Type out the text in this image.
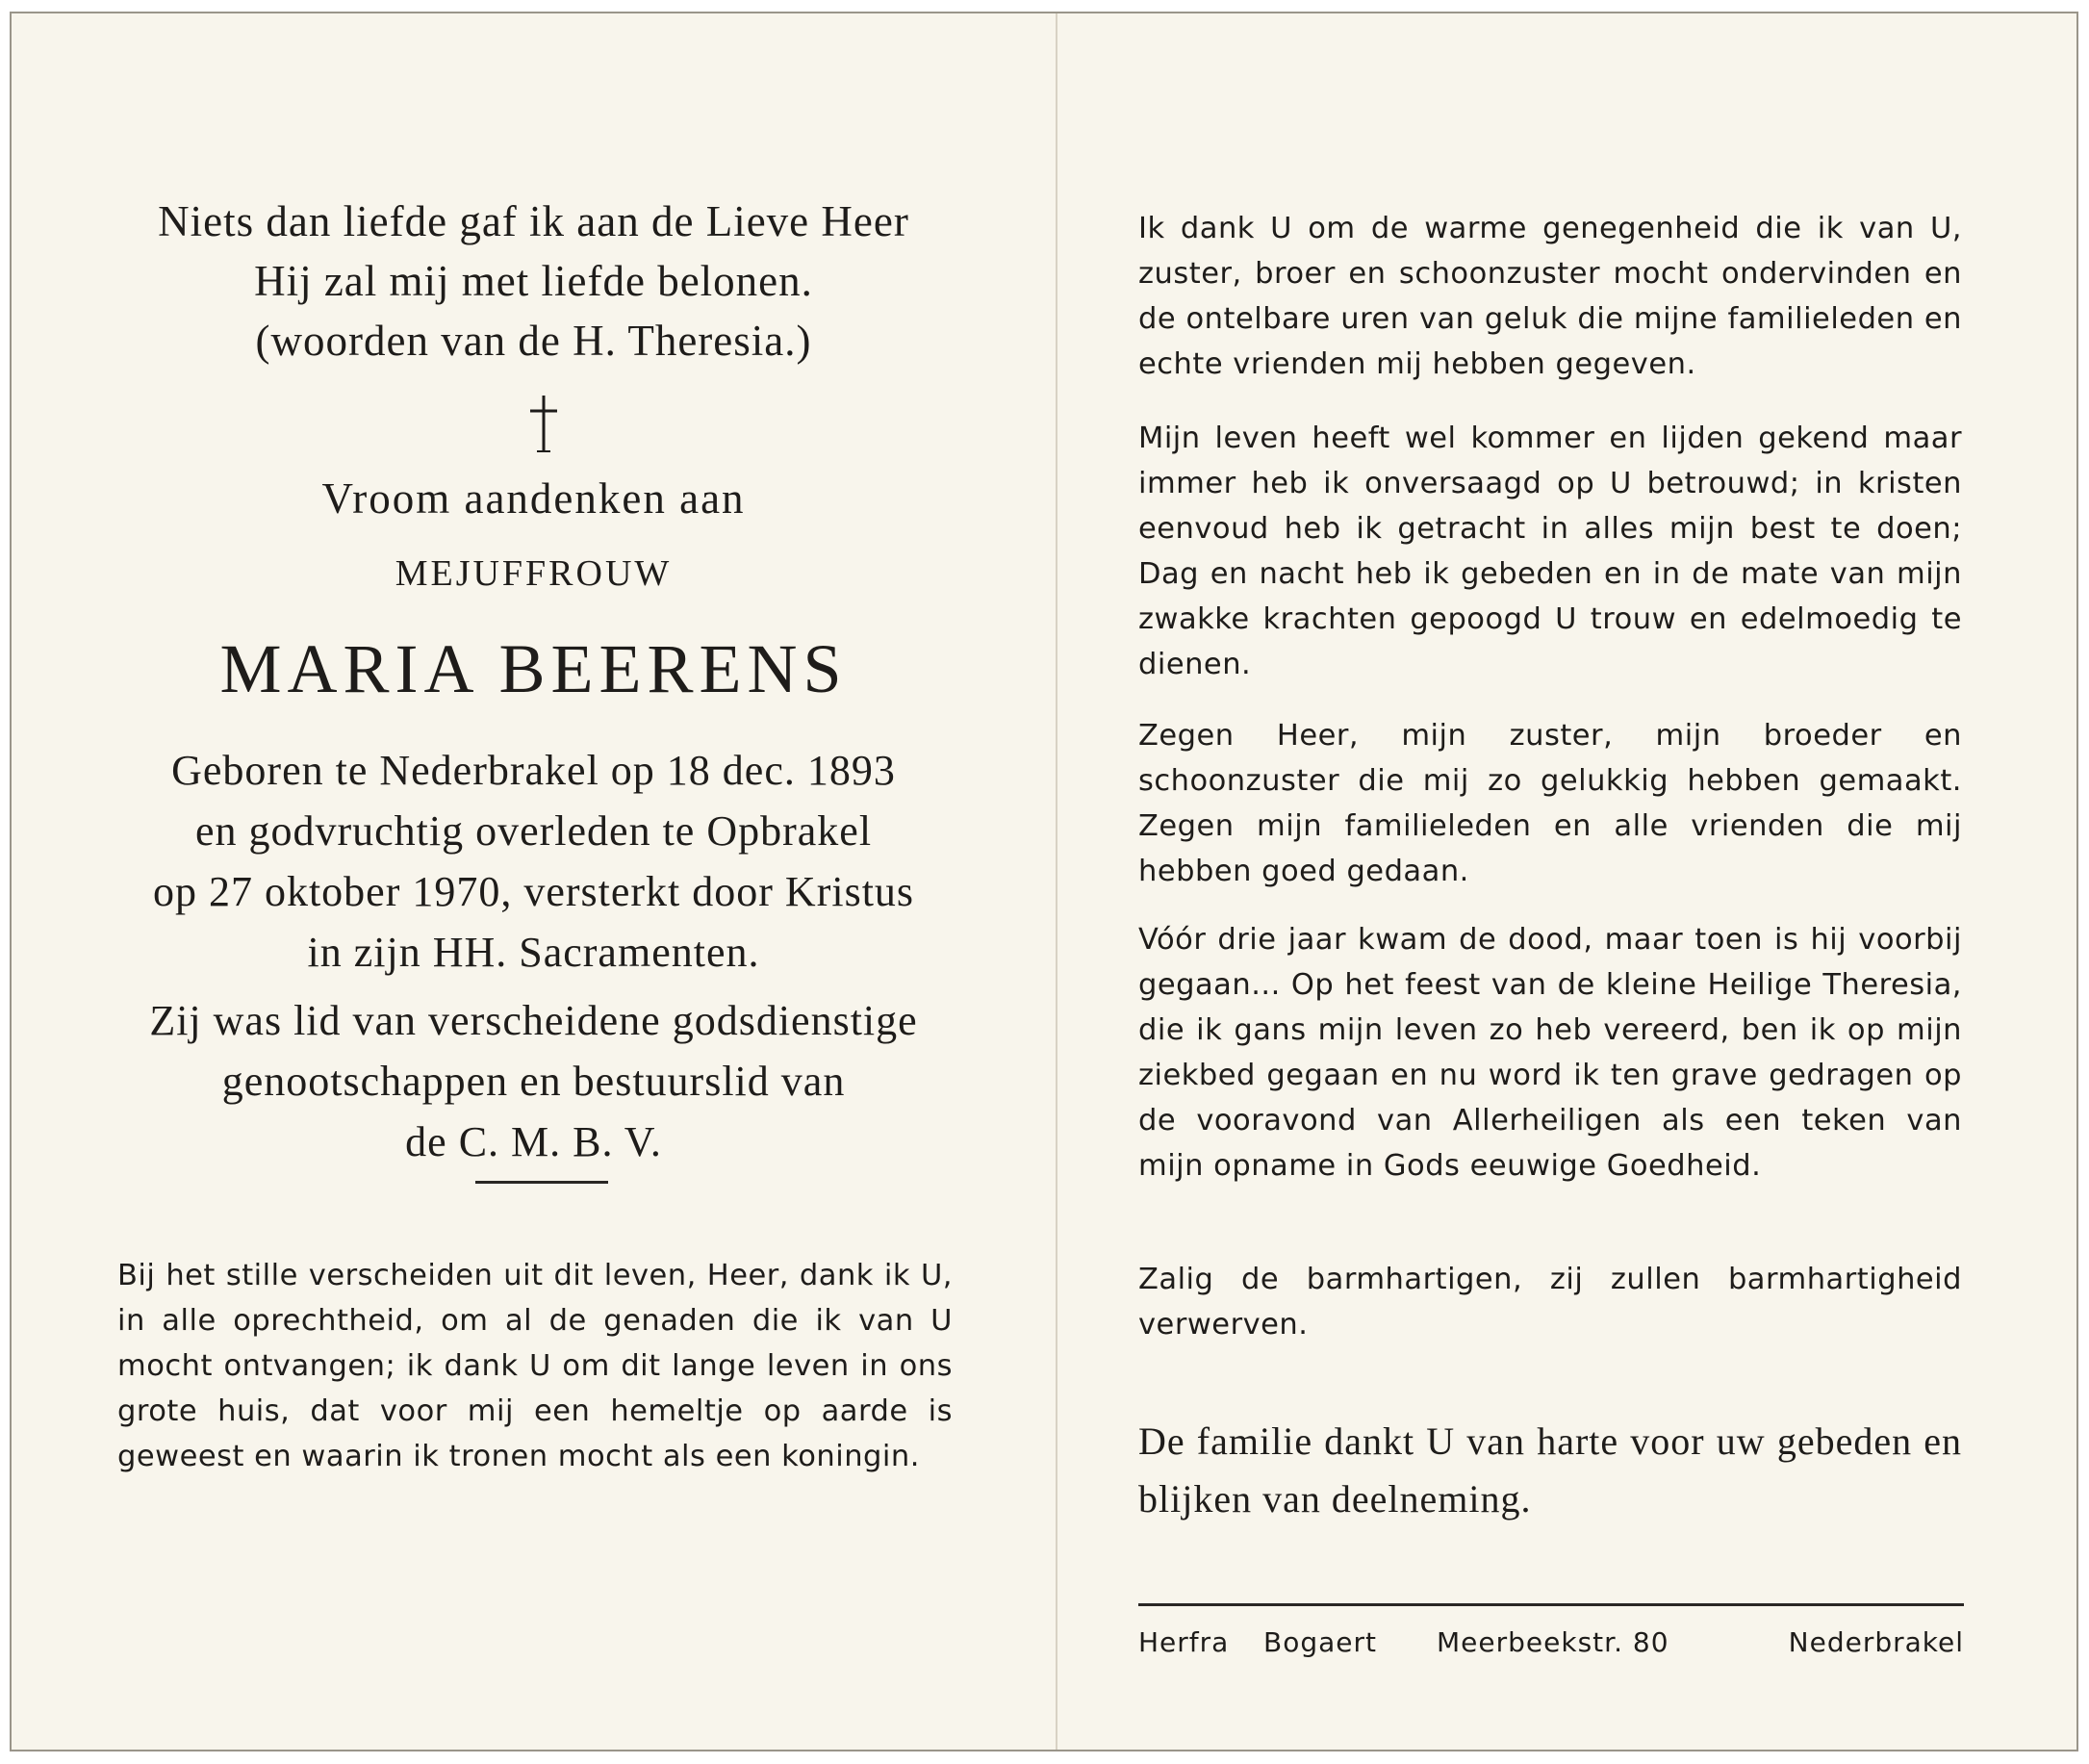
Niets dan liefde gaf ik aan de Lieve Heer
Hij zal mij met liefde belonen.
(woorden van de H. Theresia.)
Vroom aandenken aan
MEJUFFROUW
MARIA BEERENS
Geboren te Nederbrakel op 18 dec. 1893
en godvruchtig overleden te Opbrakel
op 27 oktober 1970, versterkt door Kristus
in zijn HH. Sacramenten.
Zij was lid van verscheidene godsdienstige
genootschappen en bestuurslid van
de C. M. B. V.
Bij het stille verscheiden uit dit leven, Heer, dank ik U, in alle oprechtheid, om al de genaden die ik van U mocht ontvangen; ik dank U om dit lange leven in ons grote huis, dat voor mij een hemeltje op aarde is geweest en waarin ik tronen mocht als een koningin.
Ik dank U om de warme genegenheid die ik van U, zuster, broer en schoonzuster mocht ondervinden en de ontelbare uren van geluk die mijne familieleden en echte vrienden mij hebben gegeven.
Mijn leven heeft wel kommer en lijden gekend maar immer heb ik onversaagd op U betrouwd; in kristen eenvoud heb ik getracht in alles mijn best te doen; Dag en nacht heb ik gebeden en in de mate van mijn zwakke krachten gepoogd U trouw en edelmoedig te dienen.
Zegen Heer, mijn zuster, mijn broeder en schoonzuster die mij zo gelukkig hebben gemaakt. Zegen mijn familieleden en alle vrienden die mij hebben goed gedaan.
Vóór drie jaar kwam de dood, maar toen is hij voorbij gegaan... Op het feest van de kleine Heilige Theresia, die ik gans mijn leven zo heb vereerd, ben ik op mijn ziekbed gegaan en nu word ik ten grave gedragen op de vooravond van Allerheiligen als een teken van mijn opname in Gods eeuwige Goedheid.
Zalig de barmhartigen, zij zullen barmhartigheid verwerven.
De familie dankt U van harte voor uw gebeden en blijken van deelneming.
Herfra Bogaert Meerbeekstr. 80	Nederbrakel
